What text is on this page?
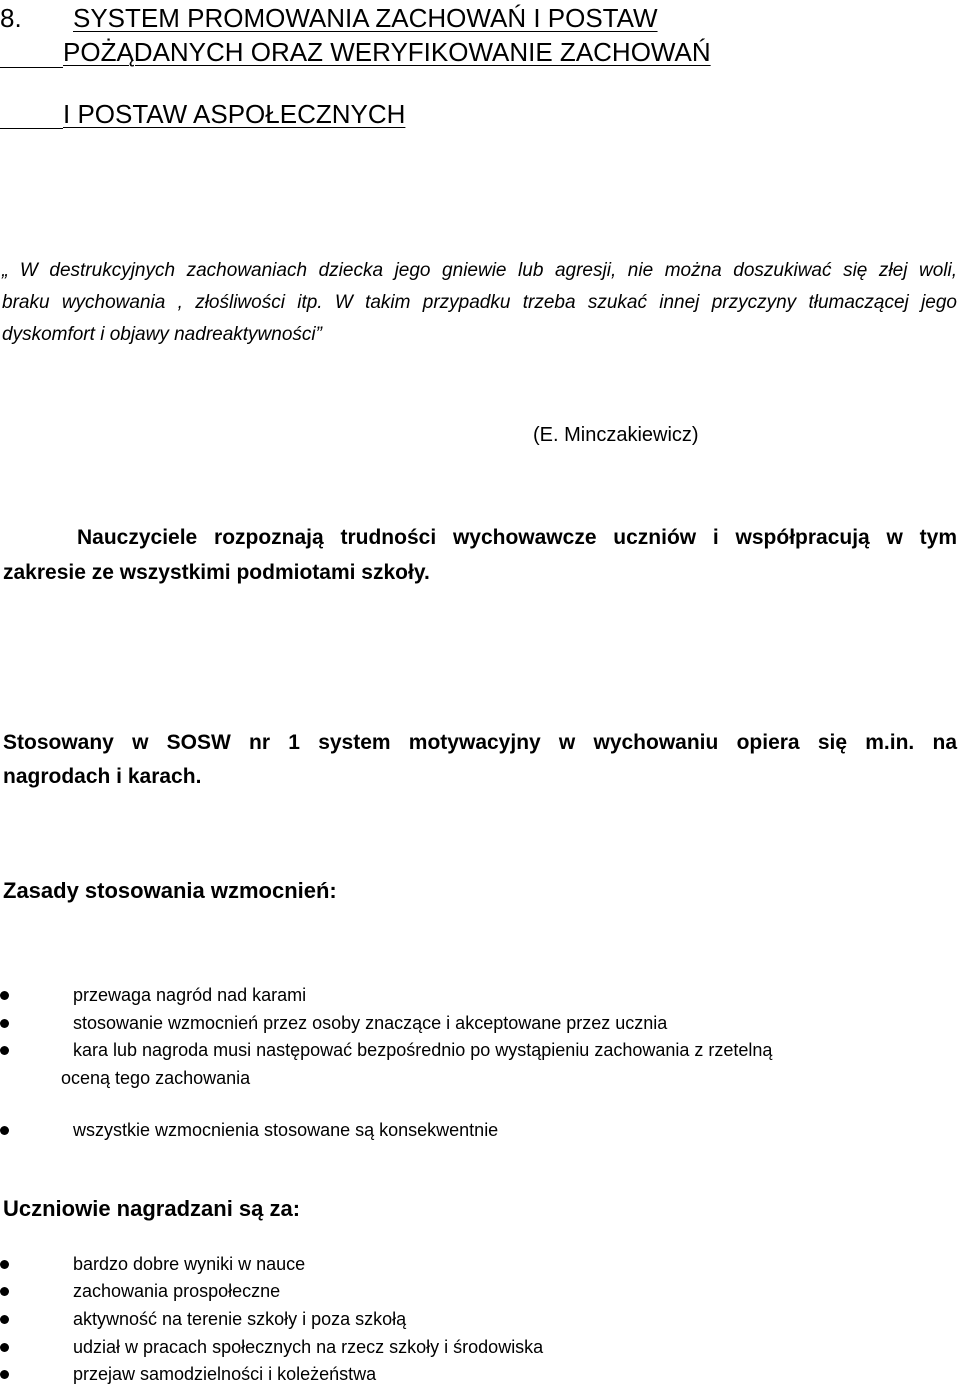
8. SYSTEM PROMOWANIA ZACHOWAŃ I POSTAW
POŻĄDANYCH ORAZ WERYFIKOWANIE ZACHOWAŃ
I POSTAW ASPOŁECZNYCH
„ W destrukcyjnych zachowaniach dziecka jego gniewie lub agresji, nie można doszukiwać się złej woli,
braku wychowania , złośliwości itp. W takim przypadku trzeba szukać innej przyczyny tłumaczącej jego
dyskomfort i objawy nadreaktywności”
(E. Minczakiewicz)
Nauczyciele rozpoznają trudności wychowawcze uczniów i współpracują w tym
zakresie ze wszystkimi podmiotami szkoły.
Stosowany w SOSW nr 1 system motywacyjny w wychowaniu opiera się m.in. na
nagrodach i karach.
Zasady stosowania wzmocnień:
przewaga nagród nad karami
stosowanie wzmocnień przez osoby znaczące i akceptowane przez ucznia
kara lub nagroda musi następować bezpośrednio po wystąpieniu zachowania z rzetelną
oceną tego zachowania
wszystkie wzmocnienia stosowane są konsekwentnie
Uczniowie nagradzani są za:
bardzo dobre wyniki w nauce
zachowania prospołeczne
aktywność na terenie szkoły i poza szkołą
udział w pracach społecznych na rzecz szkoły i środowiska
przejaw samodzielności i koleżeństwa
